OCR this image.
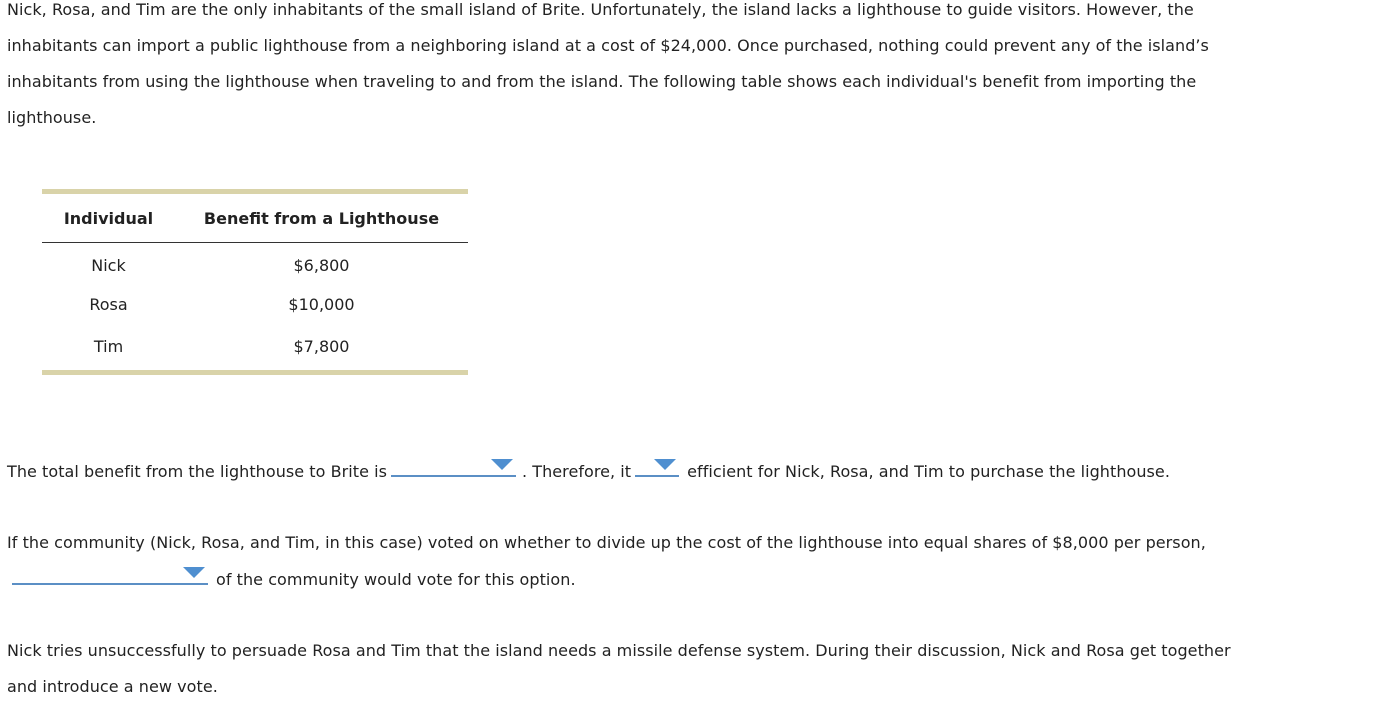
Nick, Rosa, and Tim are the only inhabitants of the small island of Brite. Unfortunately, the island lacks a lighthouse to guide visitors. However, the
inhabitants can import a public lighthouse from a neighboring island at a cost of $24,000. Once purchased, nothing could prevent any of the island’s
inhabitants from using the lighthouse when traveling to and from the island. The following table shows each individual's benefit from importing the
lighthouse.

Individual	Benefit from a Lighthouse
Nick	$6,800
Rosa	$10,000
Tim	$7,800

The total benefit from the lighthouse to Brite is	. Therefore, it	efficient for Nick, Rosa, and Tim to purchase the lighthouse.

If the community (Nick, Rosa, and Tim, in this case) voted on whether to divide up the cost of the lighthouse into equal shares of $8,000 per person,

of the community would vote for this option.

Nick tries unsuccessfully to persuade Rosa and Tim that the island needs a missile defense system. During their discussion, Nick and Rosa get together
and introduce a new vote.
